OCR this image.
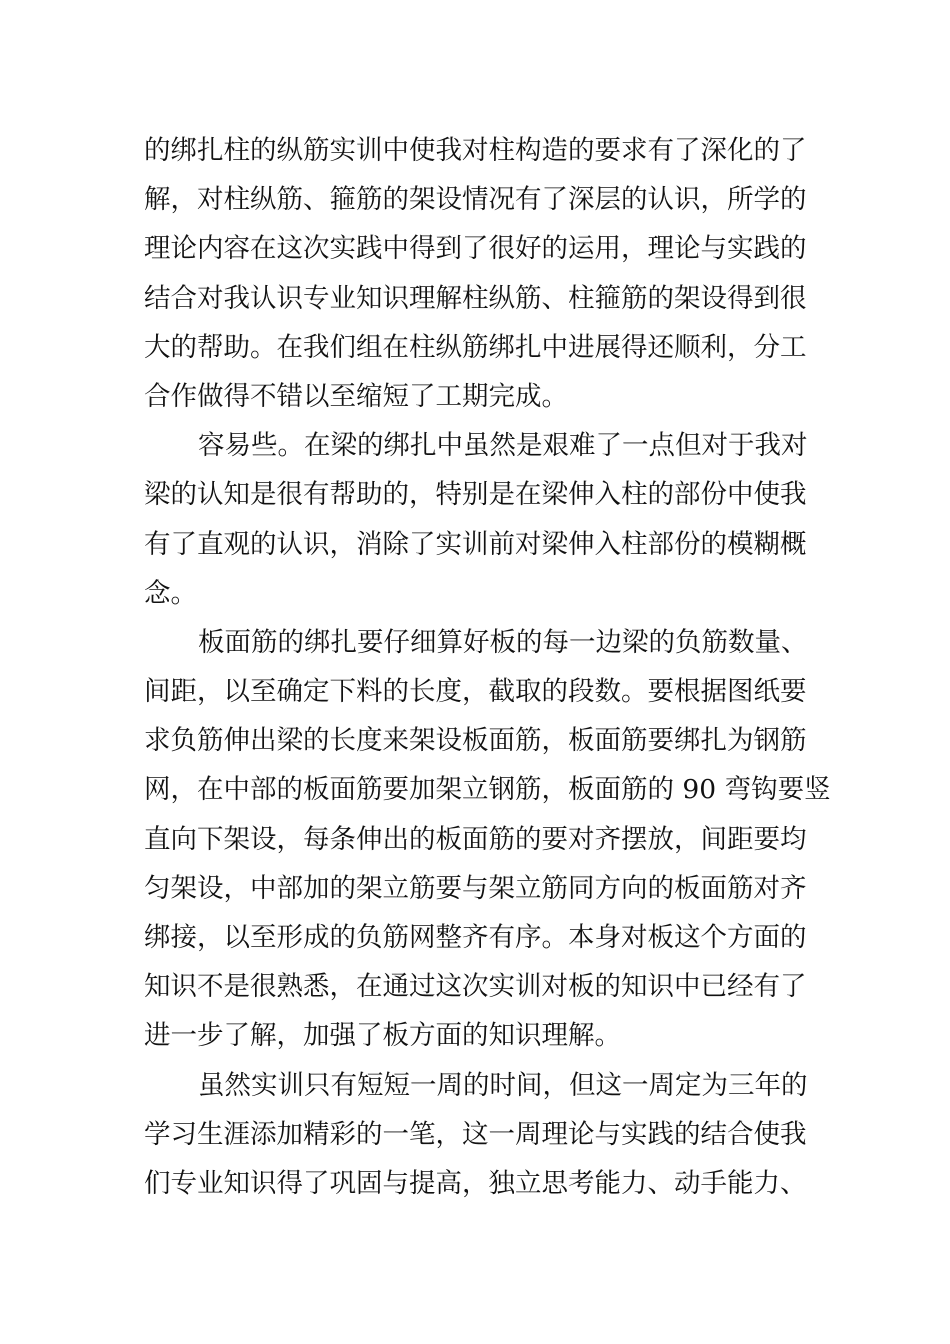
的绑扎柱的纵筋实训中使我对柱构造的要求有了深化的了
解，对柱纵筋、箍筋的架设情况有了深层的认识，所学的
理论内容在这次实践中得到了很好的运用，理论与实践的
结合对我认识专业知识理解柱纵筋、柱箍筋的架设得到很
大的帮助。在我们组在柱纵筋绑扎中进展得还顺利，分工
合作做得不错以至缩短了工期完成。
容易些。在梁的绑扎中虽然是艰难了一点但对于我对
梁的认知是很有帮助的，特别是在梁伸入柱的部份中使我
有了直观的认识，消除了实训前对梁伸入柱部份的模糊概
念。
板面筋的绑扎要仔细算好板的每一边梁的负筋数量、
间距，以至确定下料的长度，截取的段数。要根据图纸要
求负筋伸出梁的长度来架设板面筋，板面筋要绑扎为钢筋
网，在中部的板面筋要加架立钢筋，板面筋的 90 弯钩要竖
直向下架设，每条伸出的板面筋的要对齐摆放，间距要均
匀架设，中部加的架立筋要与架立筋同方向的板面筋对齐
绑接，以至形成的负筋网整齐有序。本身对板这个方面的
知识不是很熟悉，在通过这次实训对板的知识中已经有了
进一步了解，加强了板方面的知识理解。
虽然实训只有短短一周的时间，但这一周定为三年的
学习生涯添加精彩的一笔，这一周理论与实践的结合使我
们专业知识得了巩固与提高，独立思考能力、动手能力、
